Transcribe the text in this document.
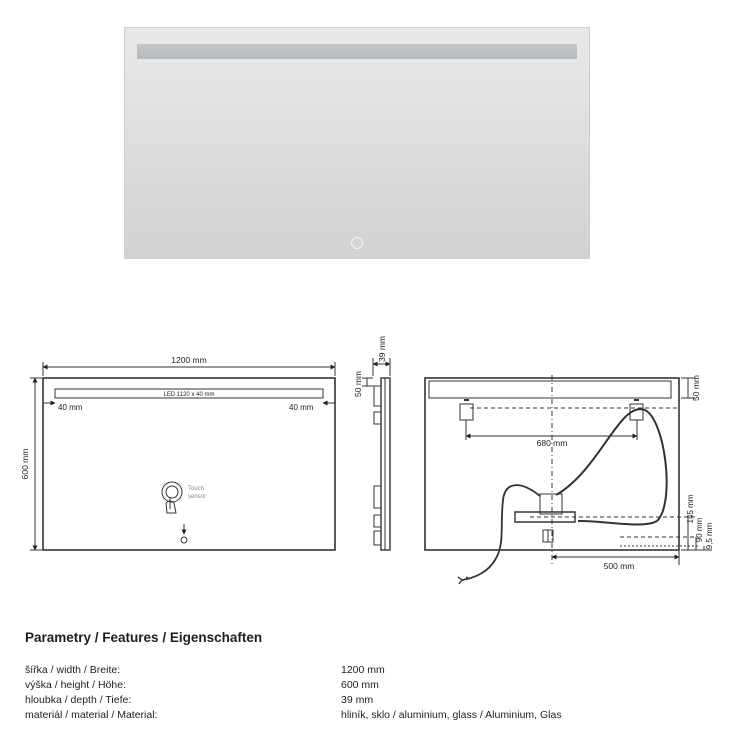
1200 mm
600 mm
LED 1120 x 40 mm
40 mm	40 mm
Touch
sensor
39 mm
50 mm	50 mm
680 mm
500 mm
145 mm
90 mm 9,5 mm
Parametry / Features / Eigenschaften
šířka / width / Breite:	1200 mm
výška / height / Höhe:	600 mm
hloubka / depth / Tiefe:	39 mm
materiál / material / Material:	hliník, sklo / aluminium, glass / Aluminium, Glas
